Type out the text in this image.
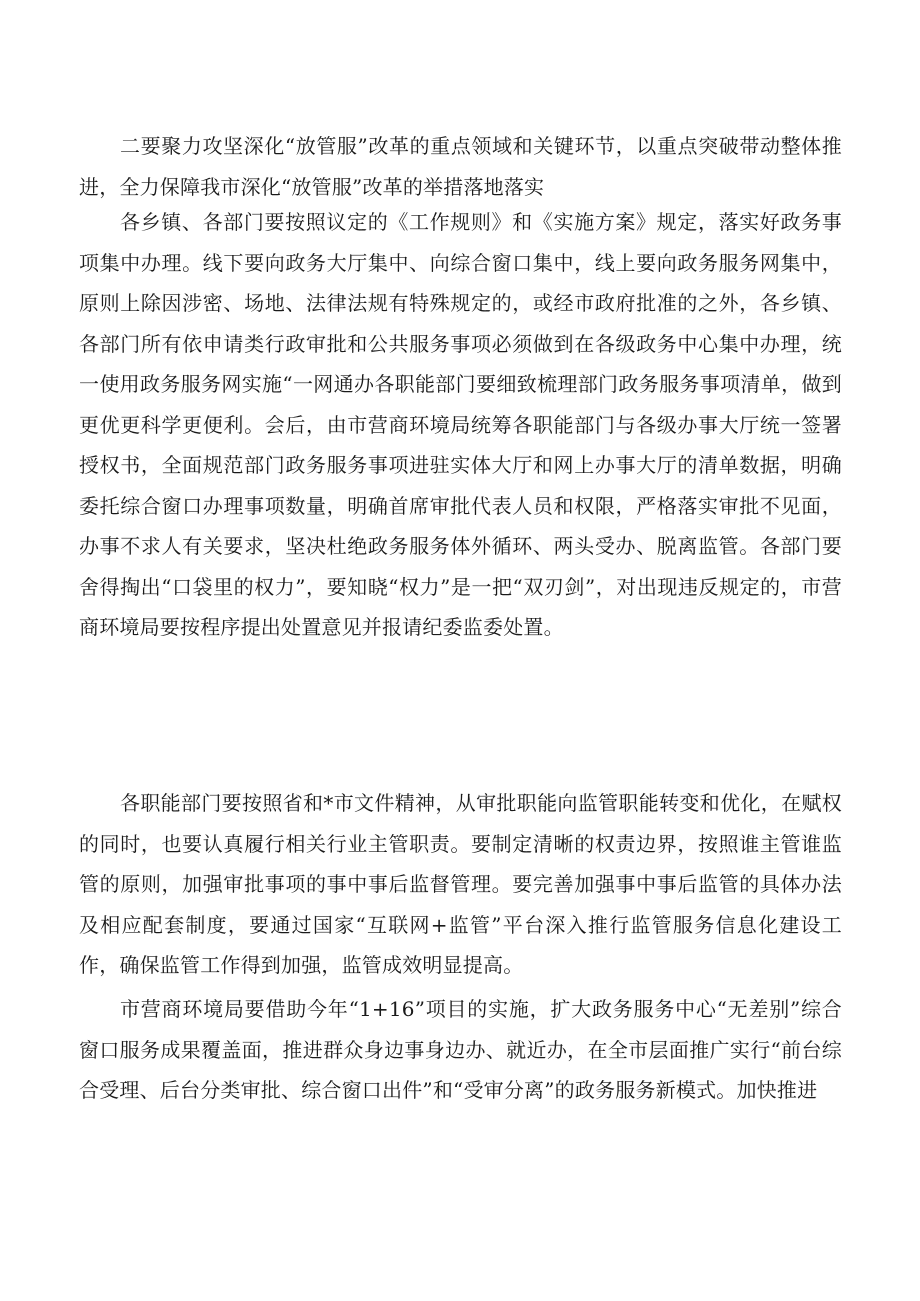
二要聚力攻坚深化“放管服”改革的重点领域和关键环节，以重点突破带动整体推进，全力保障我市深化“放管服”改革的举措落地落实

各乡镇、各部门要按照议定的《工作规则》和《实施方案》规定，落实好政务事项集中办理。线下要向政务大厅集中、向综合窗口集中，线上要向政务服务网集中，原则上除因涉密、场地、法律法规有特殊规定的，或经市政府批准的之外，各乡镇、各部门所有依申请类行政审批和公共服务事项必须做到在各级政务中心集中办理，统一使用政务服务网实施“一网通办各职能部门要细致梳理部门政务服务事项清单，做到更优更科学更便利。会后，由市营商环境局统筹各职能部门与各级办事大厅统一签署授权书，全面规范部门政务服务事项进驻实体大厅和网上办事大厅的清单数据，明确委托综合窗口办理事项数量，明确首席审批代表人员和权限，严格落实审批不见面，办事不求人有关要求，坚决杜绝政务服务体外循环、两头受办、脱离监管。各部门要舍得掏出“口袋里的权力”，要知晓“权力”是一把“双刃剑”，对出现违反规定的，市营商环境局要按程序提出处置意见并报请纪委监委处置。

各职能部门要按照省和*市文件精神，从审批职能向监管职能转变和优化，在赋权的同时，也要认真履行相关行业主管职责。要制定清晰的权责边界，按照谁主管谁监管的原则，加强审批事项的事中事后监督管理。要完善加强事中事后监管的具体办法及相应配套制度，要通过国家“互联网+监管”平台深入推行监管服务信息化建设工作，确保监管工作得到加强，监管成效明显提高。

市营商环境局要借助今年“1+16”项目的实施，扩大政务服务中心“无差别”综合窗口服务成果覆盖面，推进群众身边事身边办、就近办，在全市层面推广实行“前台综合受理、后台分类审批、综合窗口出件”和“受审分离”的政务服务新模式。加快推进
